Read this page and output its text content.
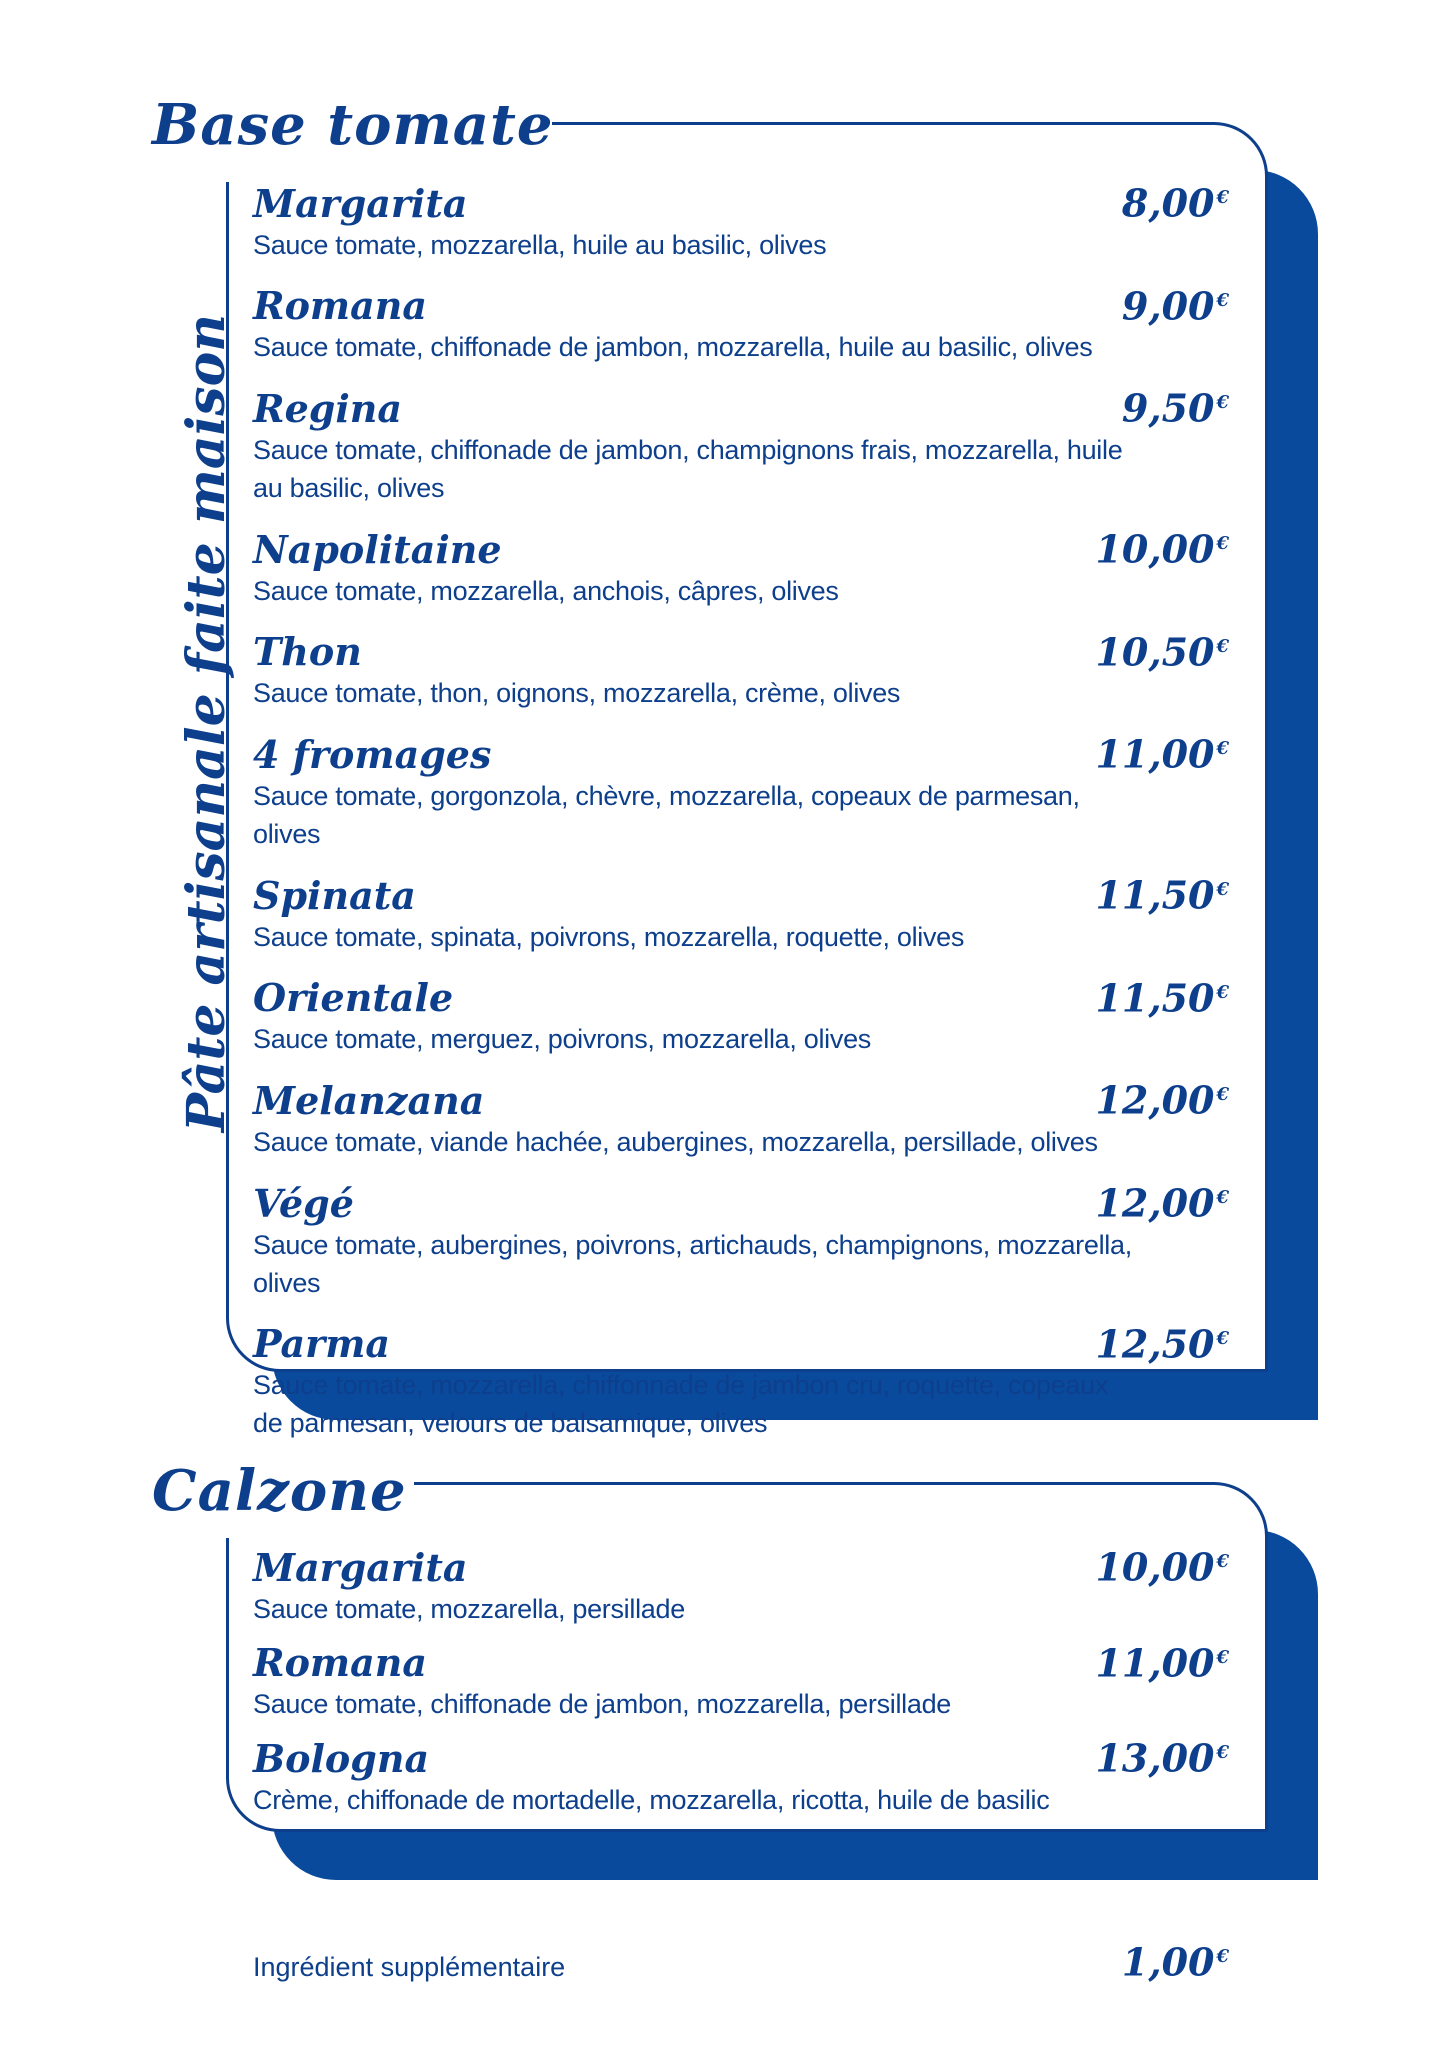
Base tomate
Pâte artisanale faite maison
Margarita	8,00 €
Sauce tomate, mozzarella, huile au basilic, olives
Romana	9,00 €
Sauce tomate, chiffonade de jambon, mozzarella, huile au basilic, olives
Regina	9,50 €
Sauce tomate, chiffonade de jambon, champignons frais, mozzarella, huile au basilic, olives
Napolitaine	10,00 €
Sauce tomate, mozzarella, anchois, câpres, olives
Thon	10,50 €
Sauce tomate, thon, oignons, mozzarella, crème, olives
4 fromages	11,00 €
Sauce tomate, gorgonzola, chèvre, mozzarella, copeaux de parmesan, olives
Spinata	11,50 €
Sauce tomate, spinata, poivrons, mozzarella, roquette, olives
Orientale	11,50 €
Sauce tomate, merguez, poivrons, mozzarella, olives
Melanzana	12,00 €
Sauce tomate, viande hachée, aubergines, mozzarella, persillade, olives
Végé	12,00 €
Sauce tomate, aubergines, poivrons, artichauds, champignons, mozzarella, olives
Parma	12,50 €
Sauce tomate, mozzarella, chiffonnade de jambon cru, roquette, copeaux de parmesan, velours de balsamique, olives
Calzone
Margarita	10,00 €
Sauce tomate, mozzarella, persillade
Romana	11,00 €
Sauce tomate, chiffonade de jambon, mozzarella, persillade
Bologna	13,00 €
Crème, chiffonade de mortadelle, mozzarella, ricotta, huile de basilic
Ingrédient supplémentaire	1,00 €
